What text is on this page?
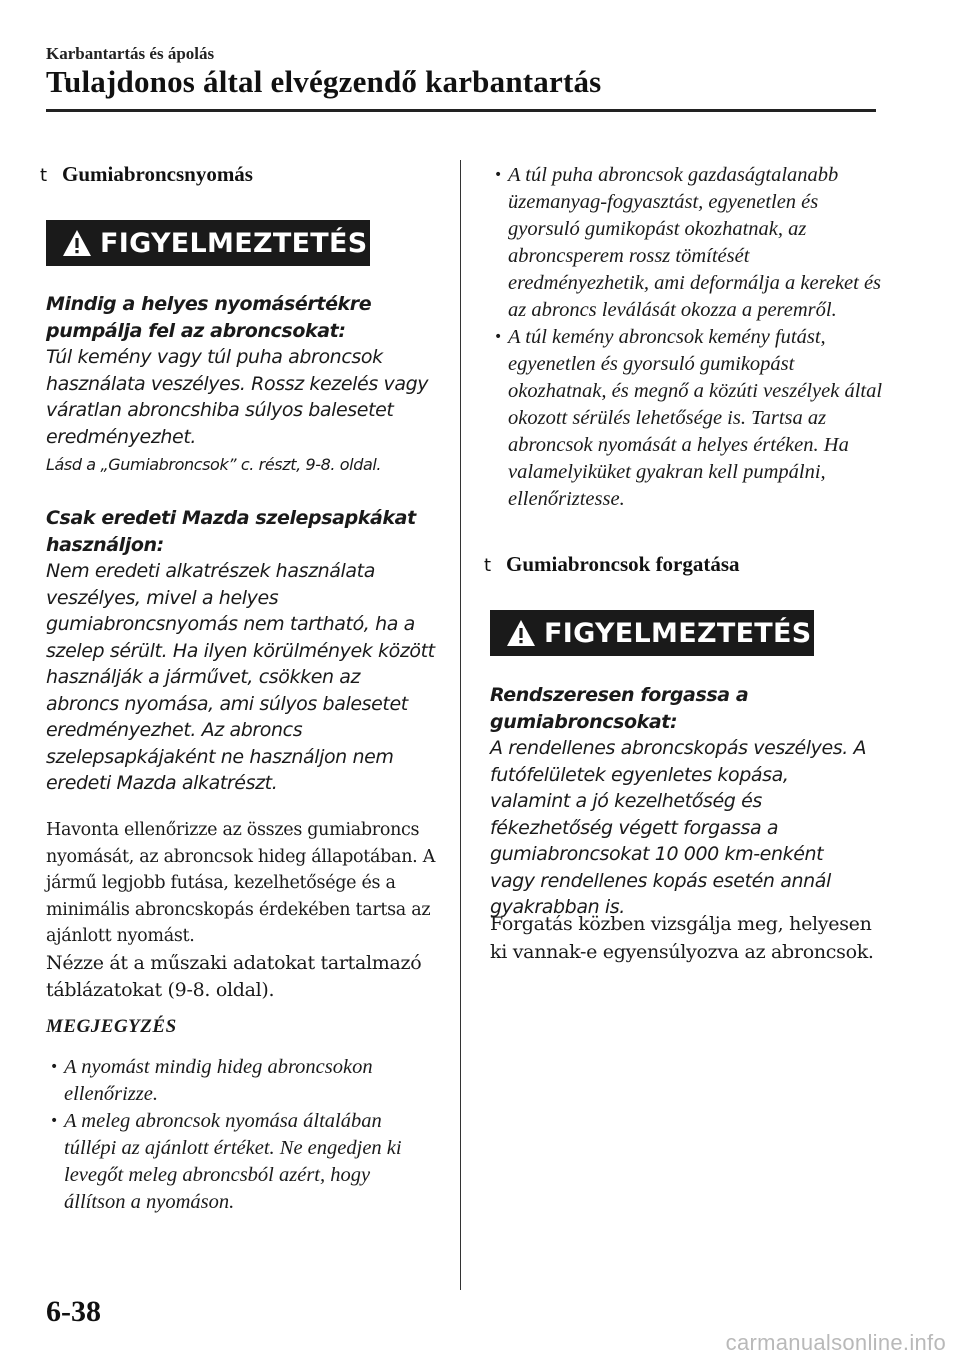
Karbantartás és ápolás
Tulajdonos által elvégzendő karbantartás
t Gumiabroncsnyomás
FIGYELMEZTETÉS
Mindig a helyes nyomásértékre pumpálja fel az abroncsokat:
Túl kemény vagy túl puha abroncsok használata veszélyes. Rossz kezelés vagy váratlan abroncshiba súlyos balesetet eredményezhet.
Lásd a „Gumiabroncsok” c. részt, 9-8. oldal.
Csak eredeti Mazda szelepsapkákat használjon:
Nem eredeti alkatrészek használata veszélyes, mivel a helyes gumiabroncsnyomás nem tartható, ha a szelep sérült. Ha ilyen körülmények között használják a járművet, csökken az abroncs nyomása, ami súlyos balesetet eredményezhet. Az abroncs szelepsapkájaként ne használjon nem eredeti Mazda alkatrészt.
Havonta ellenőrizze az összes gumiabroncs nyomását, az abroncsok hideg állapotában. A jármű legjobb futása, kezelhetősége és a minimális abroncskopás érdekében tartsa az ajánlott nyomást.
Nézze át a műszaki adatokat tartalmazó táblázatokat (9-8. oldal).
MEGJEGYZÉS
• A nyomást mindig hideg abroncsokon ellenőrizze.
• A meleg abroncsok nyomása általában túllépi az ajánlott értéket. Ne engedjen ki levegőt meleg abroncsból azért, hogy állítson a nyomáson.
• A túl puha abroncsok gazdaságtalanabb üzemanyag-fogyasztást, egyenetlen és gyorsuló gumikopást okozhatnak, az abroncsperem rossz tömítését eredményezhetik, ami deformálja a kereket és az abroncs leválását okozza a peremről.
• A túl kemény abroncsok kemény futást, egyenetlen és gyorsuló gumikopást okozhatnak, és megnő a közúti veszélyek által okozott sérülés lehetősége is. Tartsa az abroncsok nyomását a helyes értéken. Ha valamelyiküket gyakran kell pumpálni, ellenőriztesse.
t Gumiabroncsok forgatása
FIGYELMEZTETÉS
Rendszeresen forgassa a gumiabroncsokat:
A rendellenes abroncskopás veszélyes. A futófelületek egyenletes kopása, valamint a jó kezelhetőség és fékezhetőség végett forgassa a gumiabroncsokat 10 000 km-enként vagy rendellenes kopás esetén annál gyakrabban is.
Forgatás közben vizsgálja meg, helyesen ki vannak-e egyensúlyozva az abroncsok.
6-38
carmanualsonline.info
